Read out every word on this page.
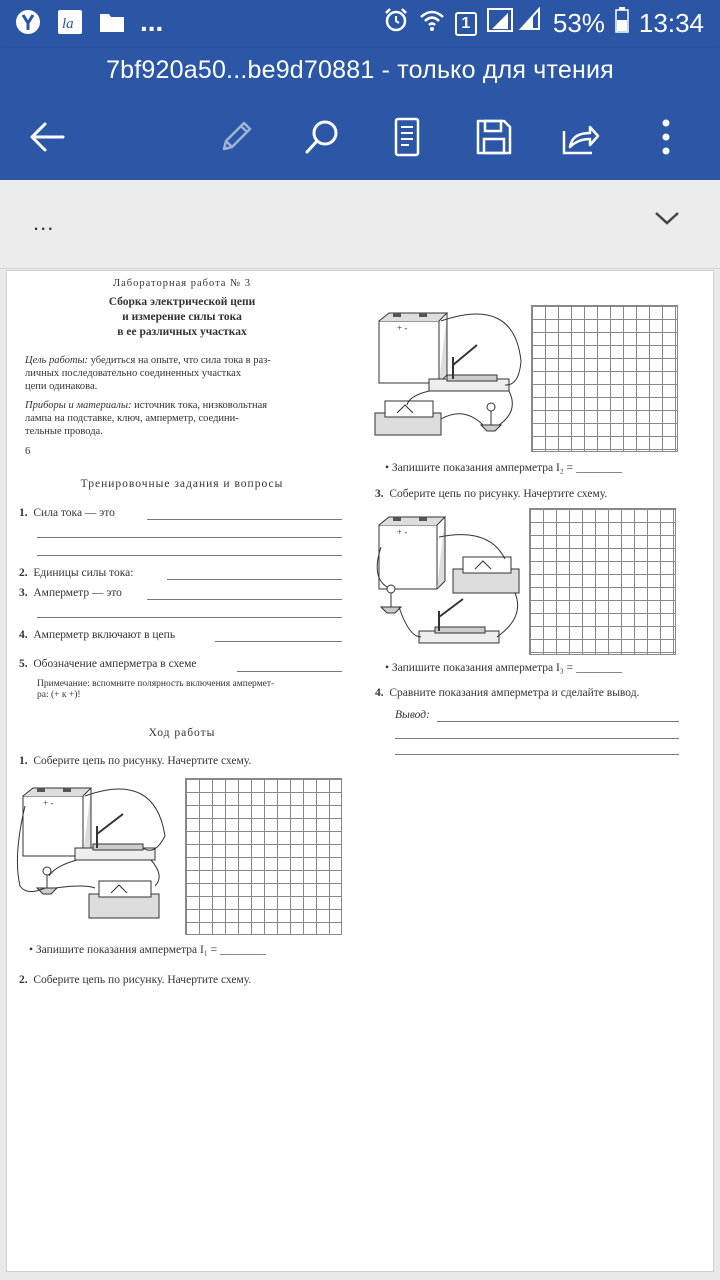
la ...	1	53% 13:34
7bf920a50...be9d70881 - только для чтения
...
Лабораторная работа № 3
Сборка электрической цепи
и измерение силы тока
в ее различных участках
Цель работы: убедиться на опыте, что сила тока в раз-
личных последовательно соединенных участках
цепи одинакова.
Приборы и материалы: источник тока, низковольтная
лампа на подставке, ключ, амперметр, соедини-
тельные провода.
6
Тренировочные задания и вопросы
1. Сила тока — это
2. Единицы силы тока:
3. Амперметр — это
4. Амперметр включают в цепь
5. Обозначение амперметра в схеме
Примечание: вспомните полярность включения ампермет-
ра: (+ к +)!
Ход работы
1. Соберите цепь по рисунку. Начертите схему.
+ -
• Запишите показания амперметра I₁ = ________
2. Соберите цепь по рисунку. Начертите схему.
+ -
• Запишите показания амперметра I₂ = ________
3. Соберите цепь по рисунку. Начертите схему.
+ -
• Запишите показания амперметра I₃ = ________
4. Сравните показания амперметра и сделайте вывод.
Вывод:
